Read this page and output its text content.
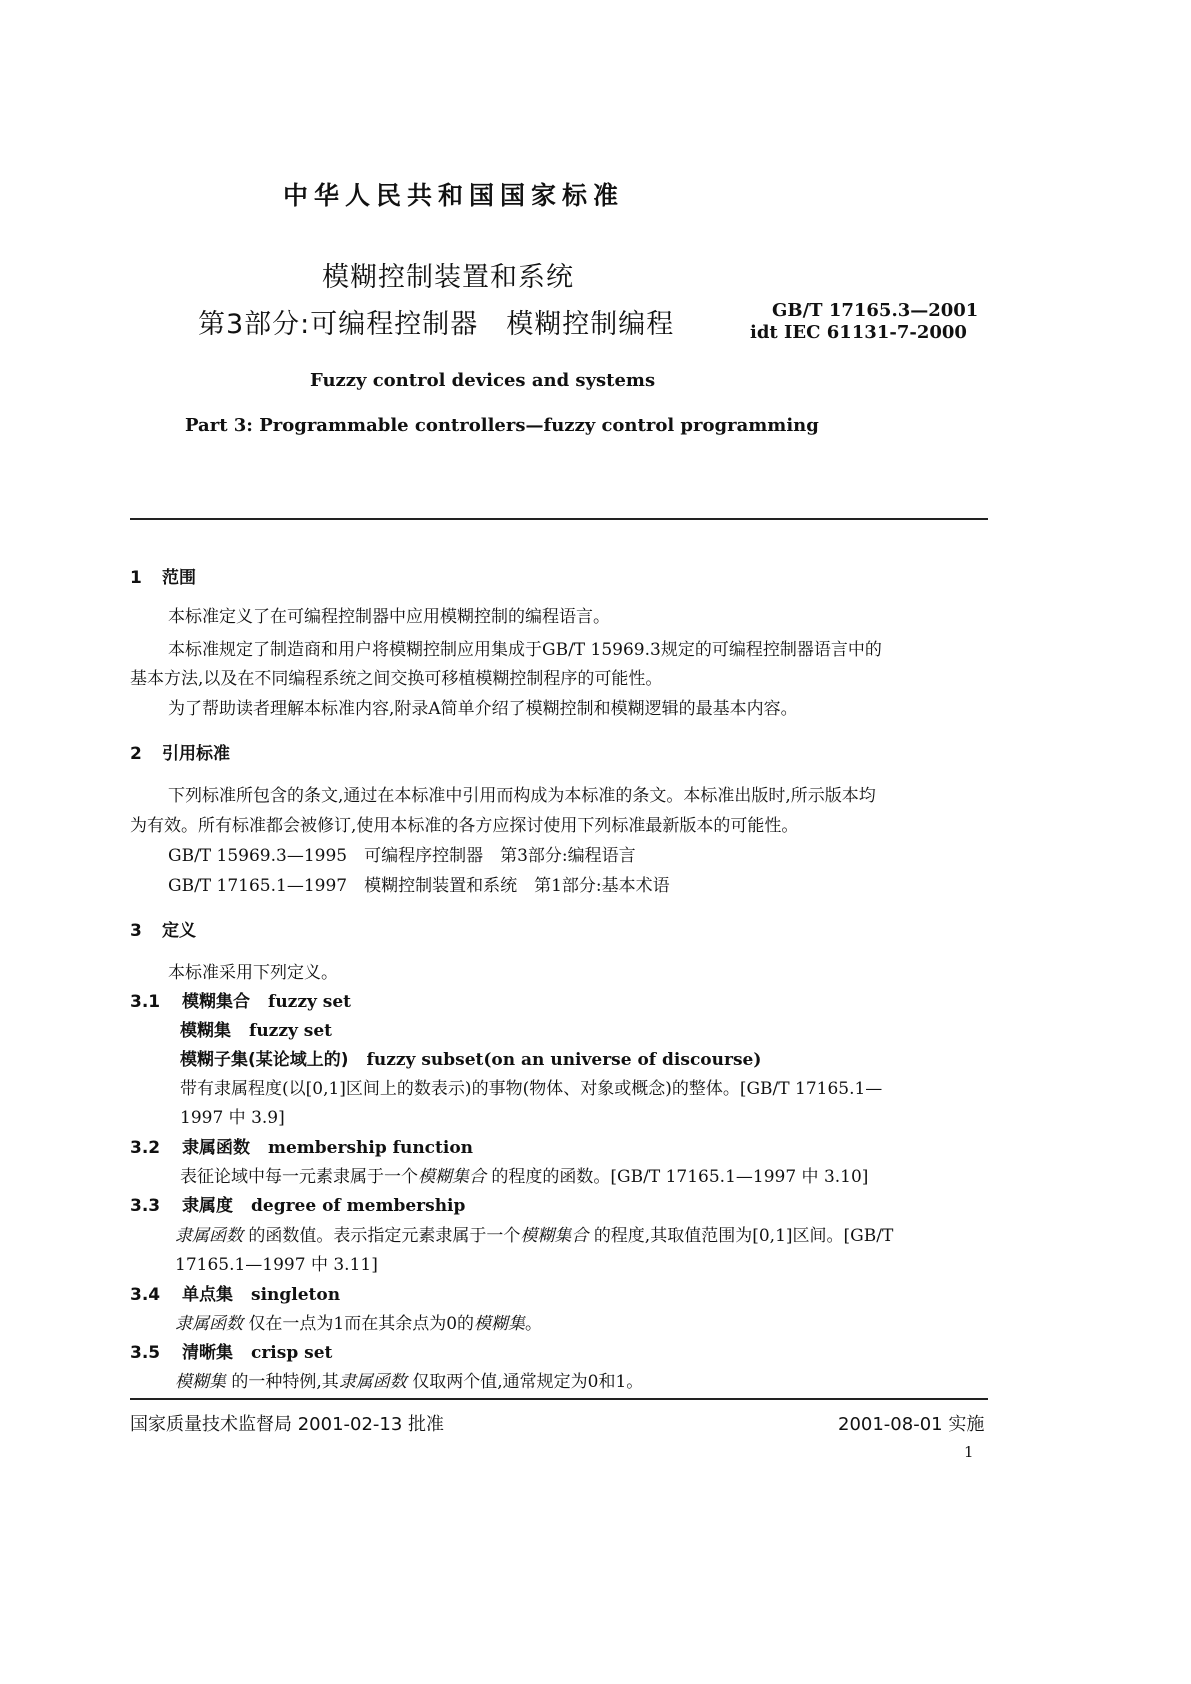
中华人民共和国国家标准
模糊控制装置和系统
第3部分:可编程控制器　模糊控制编程	GB/T 17165.3—2001
idt IEC 61131-7-2000
Fuzzy control devices and systems
Part 3: Programmable controllers—fuzzy control programming
1 范围
本标准定义了在可编程控制器中应用模糊控制的编程语言。
本标准规定了制造商和用户将模糊控制应用集成于GB/T 15969.3规定的可编程控制器语言中的
基本方法,以及在不同编程系统之间交换可移植模糊控制程序的可能性。
为了帮助读者理解本标准内容,附录A简单介绍了模糊控制和模糊逻辑的最基本内容。
2 引用标准
下列标准所包含的条文,通过在本标准中引用而构成为本标准的条文。本标准出版时,所示版本均
为有效。所有标准都会被修订,使用本标准的各方应探讨使用下列标准最新版本的可能性。
GB/T 15969.3—1995　可编程序控制器　第3部分:编程语言
GB/T 17165.1—1997　模糊控制装置和系统　第1部分:基本术语
3 定义
本标准采用下列定义。
3.1 模糊集合 fuzzy set
模糊集 fuzzy set
模糊子集(某论域上的) fuzzy subset(on an universe of discourse)
带有隶属程度(以[0,1]区间上的数表示)的事物(物体、对象或概念)的整体。[GB/T 17165.1—
1997 中 3.9]
3.2 隶属函数 membership function
表征论域中每一元素隶属于一个模糊集合 的程度的函数。[GB/T 17165.1—1997 中 3.10]
3.3 隶属度 degree of membership
隶属函数 的函数值。表示指定元素隶属于一个模糊集合 的程度,其取值范围为[0,1]区间。[GB/T
17165.1—1997 中 3.11]
3.4 单点集 singleton
隶属函数 仅在一点为1而在其余点为0的模糊集。
3.5 清晰集 crisp set
模糊集 的一种特例,其隶属函数 仅取两个值,通常规定为0和1。
国家质量技术监督局 2001-02-13 批准	2001-08-01 实施
1
